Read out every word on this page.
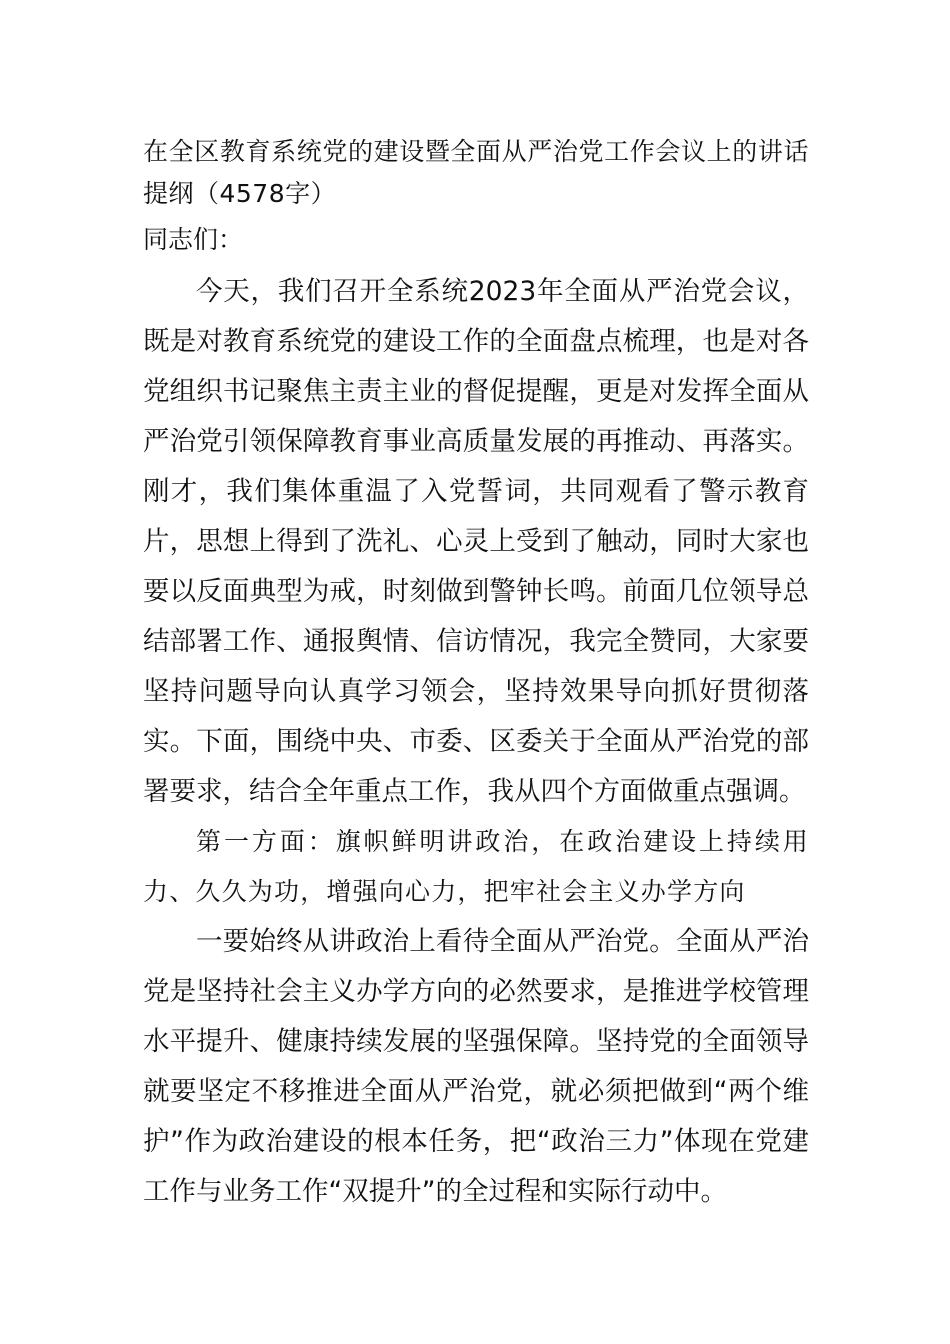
在全区教育系统党的建设暨全面从严治党工作会议上的讲话提纲（4578字）

同志们：

今天，我们召开全系统2023年全面从严治党会议，既是对教育系统党的建设工作的全面盘点梳理，也是对各党组织书记聚焦主责主业的督促提醒，更是对发挥全面从严治党引领保障教育事业高质量发展的再推动、再落实。刚才，我们集体重温了入党誓词，共同观看了警示教育片，思想上得到了洗礼、心灵上受到了触动，同时大家也要以反面典型为戒，时刻做到警钟长鸣。前面几位领导总结部署工作、通报舆情、信访情况，我完全赞同，大家要坚持问题导向认真学习领会，坚持效果导向抓好贯彻落实。下面，围绕中央、市委、区委关于全面从严治党的部署要求，结合全年重点工作，我从四个方面做重点强调。

第一方面：旗帜鲜明讲政治，在政治建设上持续用力、久久为功，增强向心力，把牢社会主义办学方向

一要始终从讲政治上看待全面从严治党。全面从严治党是坚持社会主义办学方向的必然要求，是推进学校管理水平提升、健康持续发展的坚强保障。坚持党的全面领导就要坚定不移推进全面从严治党，就必须把做到“两个维护”作为政治建设的根本任务，把“政治三力”体现在党建工作与业务工作“双提升”的全过程和实际行动中。
